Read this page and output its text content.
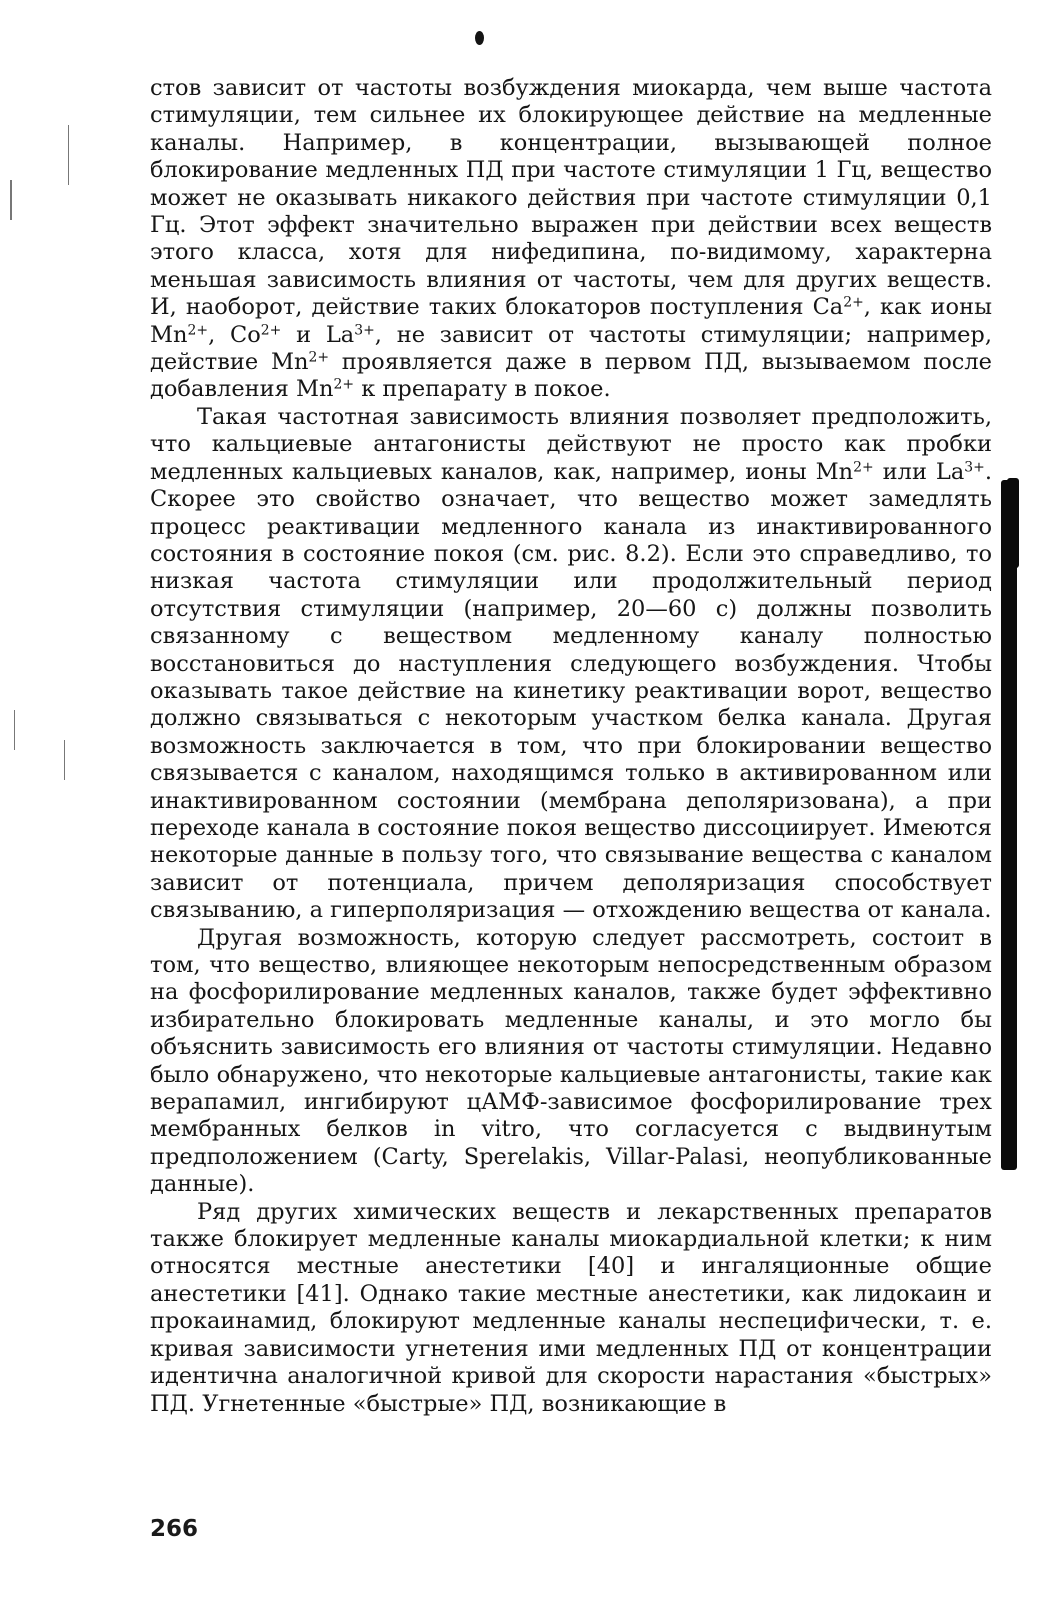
стов зависит от частоты возбуждения миокарда, чем выше частота стимуляции, тем сильнее их блокирующее действие на медленные каналы. Например, в концентрации, вызывающей полное блокирование медленных ПД при частоте стимуляции 1 Гц, вещество может не оказывать никакого действия при частоте стимуляции 0,1 Гц. Этот эффект значительно выражен при действии всех веществ этого класса, хотя для нифедипина, по-видимому, характерна меньшая зависимость влияния от частоты, чем для других веществ. И, наоборот, действие таких блокаторов поступления $Ca^{2+}$, как ионы $Mn^{2+}$, $Co^{2+}$ и $La^{3+}$, не зависит от частоты стимуляции; например, действие $Mn^{2+}$ проявляется даже в первом ПД, вызываемом после добавления $Mn^{2+}$ к препарату в покое.

Такая частотная зависимость влияния позволяет предположить, что кальциевые антагонисты действуют не просто как пробки медленных кальциевых каналов, как, например, ионы $Mn^{2+}$ или $La^{3+}$. Скорее это свойство означает, что вещество может замедлять процесс реактивации медленного канала из инактивированного состояния в состояние покоя (см. рис. 8.2). Если это справедливо, то низкая частота стимуляции или продолжительный период отсутствия стимуляции (например, 20—60 с) должны позволить связанному с веществом медленному каналу полностью восстановиться до наступления следующего возбуждения. Чтобы оказывать такое действие на кинетику реактивации ворот, вещество должно связываться с некоторым участком белка канала. Другая возможность заключается в том, что при блокировании вещество связывается с каналом, находящимся только в активированном или инактивированном состоянии (мембрана деполяризована), а при переходе канала в состояние покоя вещество диссоциирует. Имеются некоторые данные в пользу того, что связывание вещества с каналом зависит от потенциала, причем деполяризация способствует связыванию, а гиперполяризация — отхождению вещества от канала.

Другая возможность, которую следует рассмотреть, состоит в том, что вещество, влияющее некоторым непосредственным образом на фосфорилирование медленных каналов, также будет эффективно избирательно блокировать медленные каналы, и это могло бы объяснить зависимость его влияния от частоты стимуляции. Недавно было обнаружено, что некоторые кальциевые антагонисты, такие как верапамил, ингибируют цАМФ-зависимое фосфорилирование трех мембранных белков in vitro, что согласуется с выдвинутым предположением (Carty, Sperelakis, Villar-Palasi, неопубликованные данные).

Ряд других химических веществ и лекарственных препаратов также блокирует медленные каналы миокардиальной клетки; к ним относятся местные анестетики [40] и ингаляционные общие анестетики [41]. Однако такие местные анестетики, как лидокаин и прокаинамид, блокируют медленные каналы неспецифически, т. е. кривая зависимости угнетения ими медленных ПД от концентрации идентична аналогичной кривой для скорости нарастания «быстрых» ПД. Угнетенные «быстрые» ПД, возникающие в

266
